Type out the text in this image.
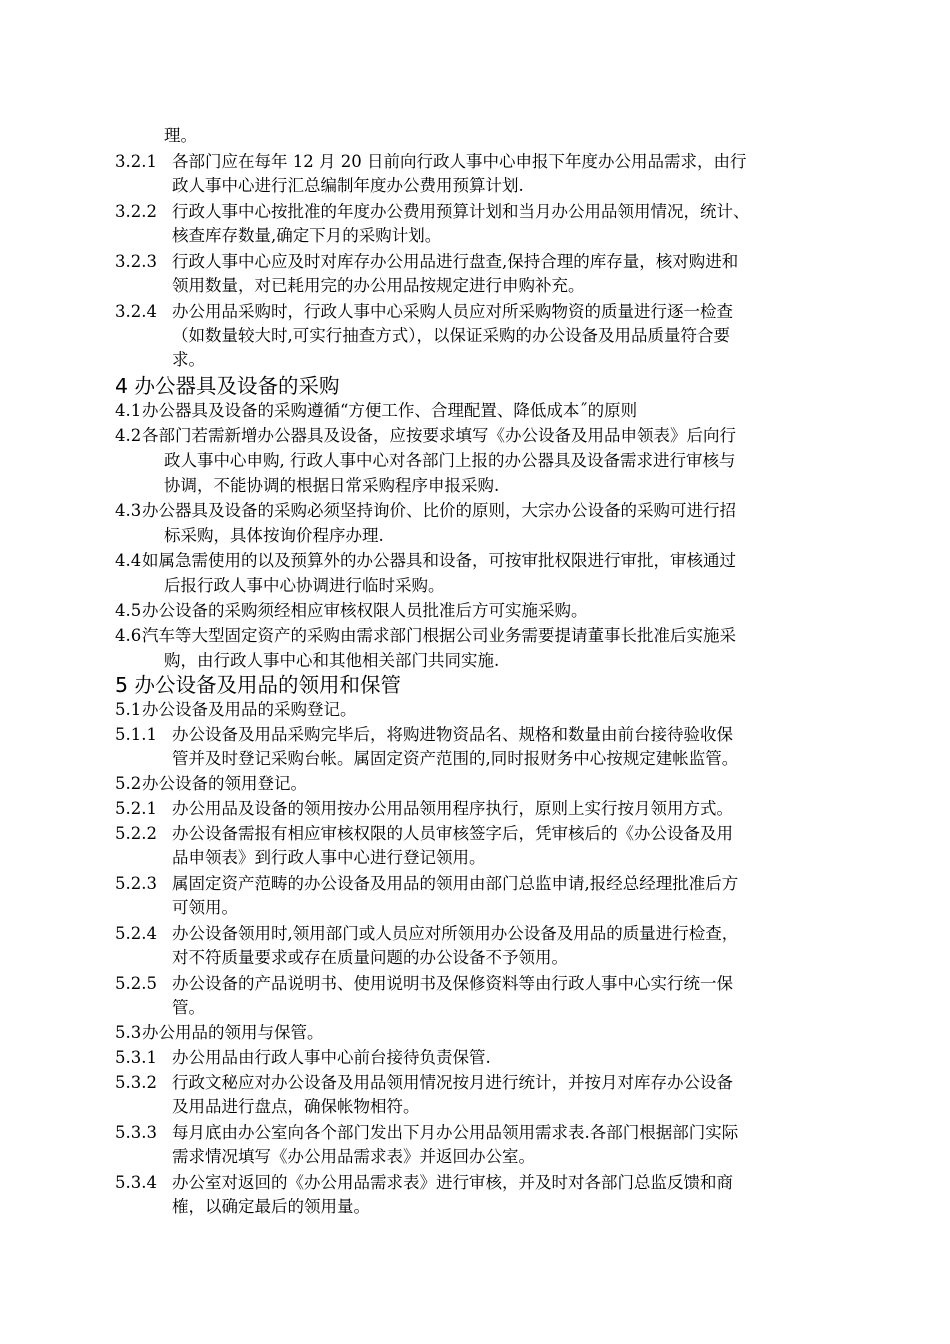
理。
3.2.1 各部门应在每年 12 月 20 日前向行政人事中心申报下年度办公用品需求，由行
政人事中心进行汇总编制年度办公费用预算计划.
3.2.2 行政人事中心按批准的年度办公费用预算计划和当月办公用品领用情况，统计、
核查库存数量,确定下月的采购计划。
3.2.3 行政人事中心应及时对库存办公用品进行盘查,保持合理的库存量，核对购进和
领用数量，对已耗用完的办公用品按规定进行申购补充。
3.2.4 办公用品采购时，行政人事中心采购人员应对所采购物资的质量进行逐一检查
（如数量较大时,可实行抽查方式），以保证采购的办公设备及用品质量符合要
求。
4 办公器具及设备的采购
4.1 办公器具及设备的采购遵循“方便工作、合理配置、降低成本˝的原则
4.2 各部门若需新增办公器具及设备，应按要求填写《办公设备及用品申领表》后向行
政人事中心申购, 行政人事中心对各部门上报的办公器具及设备需求进行审核与
协调，不能协调的根据日常采购程序申报采购.
4.3 办公器具及设备的采购必须坚持询价、比价的原则，大宗办公设备的采购可进行招
标采购，具体按询价程序办理.
4.4 如属急需使用的以及预算外的办公器具和设备，可按审批权限进行审批，审核通过
后报行政人事中心协调进行临时采购。
4.5 办公设备的采购须经相应审核权限人员批准后方可实施采购。
4.6 汽车等大型固定资产的采购由需求部门根据公司业务需要提请董事长批准后实施采
购，由行政人事中心和其他相关部门共同实施.
5 办公设备及用品的领用和保管
5.1 办公设备及用品的采购登记。
5.1.1 办公设备及用品采购完毕后，将购进物资品名、规格和数量由前台接待验收保
管并及时登记采购台帐。属固定资产范围的,同时报财务中心按规定建帐监管。
5.2 办公设备的领用登记。
5.2.1 办公用品及设备的领用按办公用品领用程序执行，原则上实行按月领用方式。
5.2.2 办公设备需报有相应审核权限的人员审核签字后，凭审核后的《办公设备及用
品申领表》到行政人事中心进行登记领用。
5.2.3 属固定资产范畴的办公设备及用品的领用由部门总监申请,报经总经理批准后方
可领用。
5.2.4 办公设备领用时,领用部门或人员应对所领用办公设备及用品的质量进行检查，
对不符质量要求或存在质量问题的办公设备不予领用。
5.2.5 办公设备的产品说明书、使用说明书及保修资料等由行政人事中心实行统一保
管。
5.3 办公用品的领用与保管。
5.3.1 办公用品由行政人事中心前台接待负责保管.
5.3.2 行政文秘应对办公设备及用品领用情况按月进行统计，并按月对库存办公设备
及用品进行盘点，确保帐物相符。
5.3.3 每月底由办公室向各个部门发出下月办公用品领用需求表.各部门根据部门实际
需求情况填写《办公用品需求表》并返回办公室。
5.3.4 办公室对返回的《办公用品需求表》进行审核，并及时对各部门总监反馈和商
榷，以确定最后的领用量。
